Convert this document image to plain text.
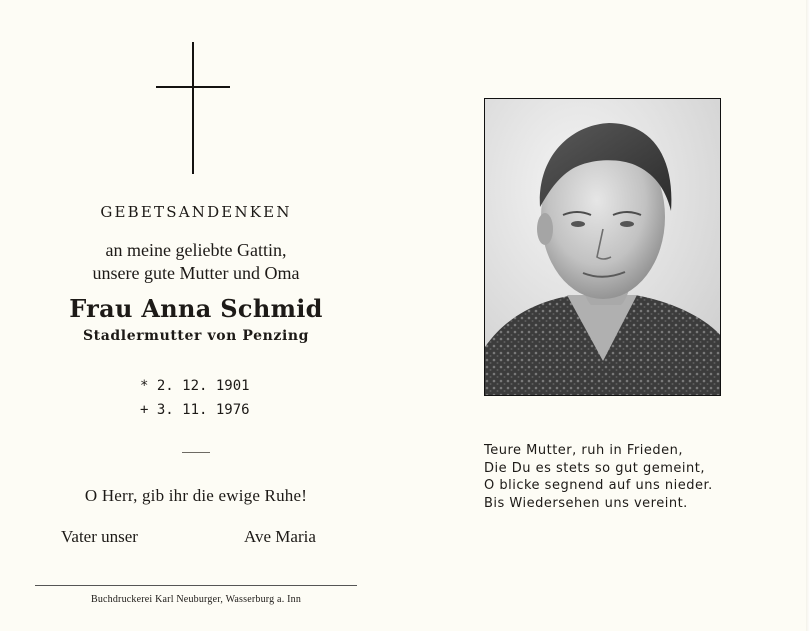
GEBETSANDENKEN
an meine geliebte Gattin,
unsere gute Mutter und Oma
Frau Anna Schmid
Stadlermutter von Penzing
* 2. 12. 1901
+ 3. 11. 1976
O Herr, gib ihr die ewige Ruhe!
Vater unser	Ave Maria
Buchdruckerei Karl Neuburger, Wasserburg a. Inn
Teure Mutter, ruh in Frieden,
Die Du es stets so gut gemeint,
O blicke segnend auf uns nieder.
Bis Wiedersehen uns vereint.
